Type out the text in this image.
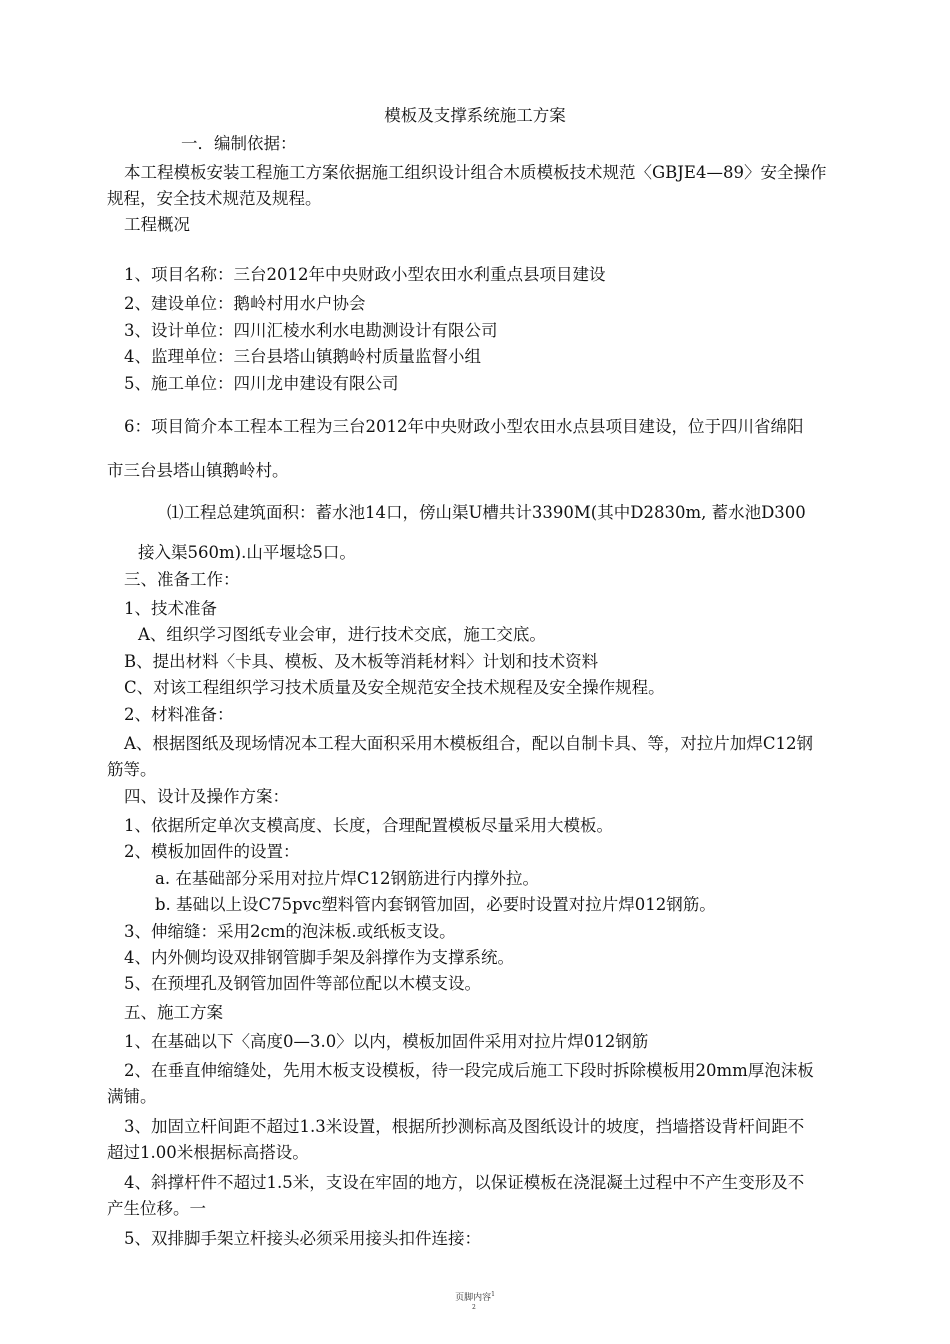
模板及支撑系统施工方案
一．编制依据：
本工程模板安装工程施工方案依据施工组织设计组合木质模板技术规范〈GBJE4—89〉安全操作
规程，安全技术规范及规程。
工程概况
1、项目名称：三台2012年中央财政小型农田水利重点县项目建设
2、建设单位：鹅岭村用水户协会
3、设计单位：四川汇棱水利水电勘测设计有限公司
4、监理单位：三台县塔山镇鹅岭村质量监督小组
5、施工单位：四川龙申建设有限公司
6：项目简介本工程本工程为三台2012年中央财政小型农田水点县项目建设，位于四川省绵阳
市三台县塔山镇鹅岭村。
⑴工程总建筑面积：蓄水池14口，傍山渠U槽共计3390M(其中D2830m, 蓄水池D300
接入渠560m).山平堰埝5口。
三、准备工作：
1、技术准备
A、组织学习图纸专业会审，进行技术交底，施工交底。
B、提出材料〈卡具、模板、及木板等消耗材料〉计划和技术资料
C、对该工程组织学习技术质量及安全规范安全技术规程及安全操作规程。
2、材料准备：
A、根据图纸及现场情况本工程大面积采用木模板组合，配以自制卡具、等，对拉片加焊C12钢
筋等。
四、设计及操作方案：
1、依据所定单次支模高度、长度，合理配置模板尽量采用大模板。
2、模板加固件的设置：
a. 在基础部分采用对拉片焊C12钢筋进行内撑外拉。
b. 基础以上设C75pvc塑料管内套钢管加固，必要时设置对拉片焊012钢筋。
3、伸缩缝：采用2cm的泡沫板.或纸板支设。
4、内外侧均设双排钢管脚手架及斜撑作为支撑系统。
5、在预埋孔及钢管加固件等部位配以木模支设。
五、施工方案
1、在基础以下〈高度0—3.0〉以内，模板加固件采用对拉片焊012钢筋
2、在垂直伸缩缝处，先用木板支设模板，待一段完成后施工下段时拆除模板用20mm厚泡沫板
满铺。
3、加固立杆间距不超过1.3米设置，根据所抄测标高及图纸设计的坡度，挡墙搭设背杆间距不
超过1.00米根据标高搭设。
4、斜撑杆件不超过1.5米，支设在牢固的地方，以保证模板在浇混凝土过程中不产生变形及不
产生位移。一
5、双排脚手架立杆接头必须采用接头扣件连接：
页脚内容$^1$
2
